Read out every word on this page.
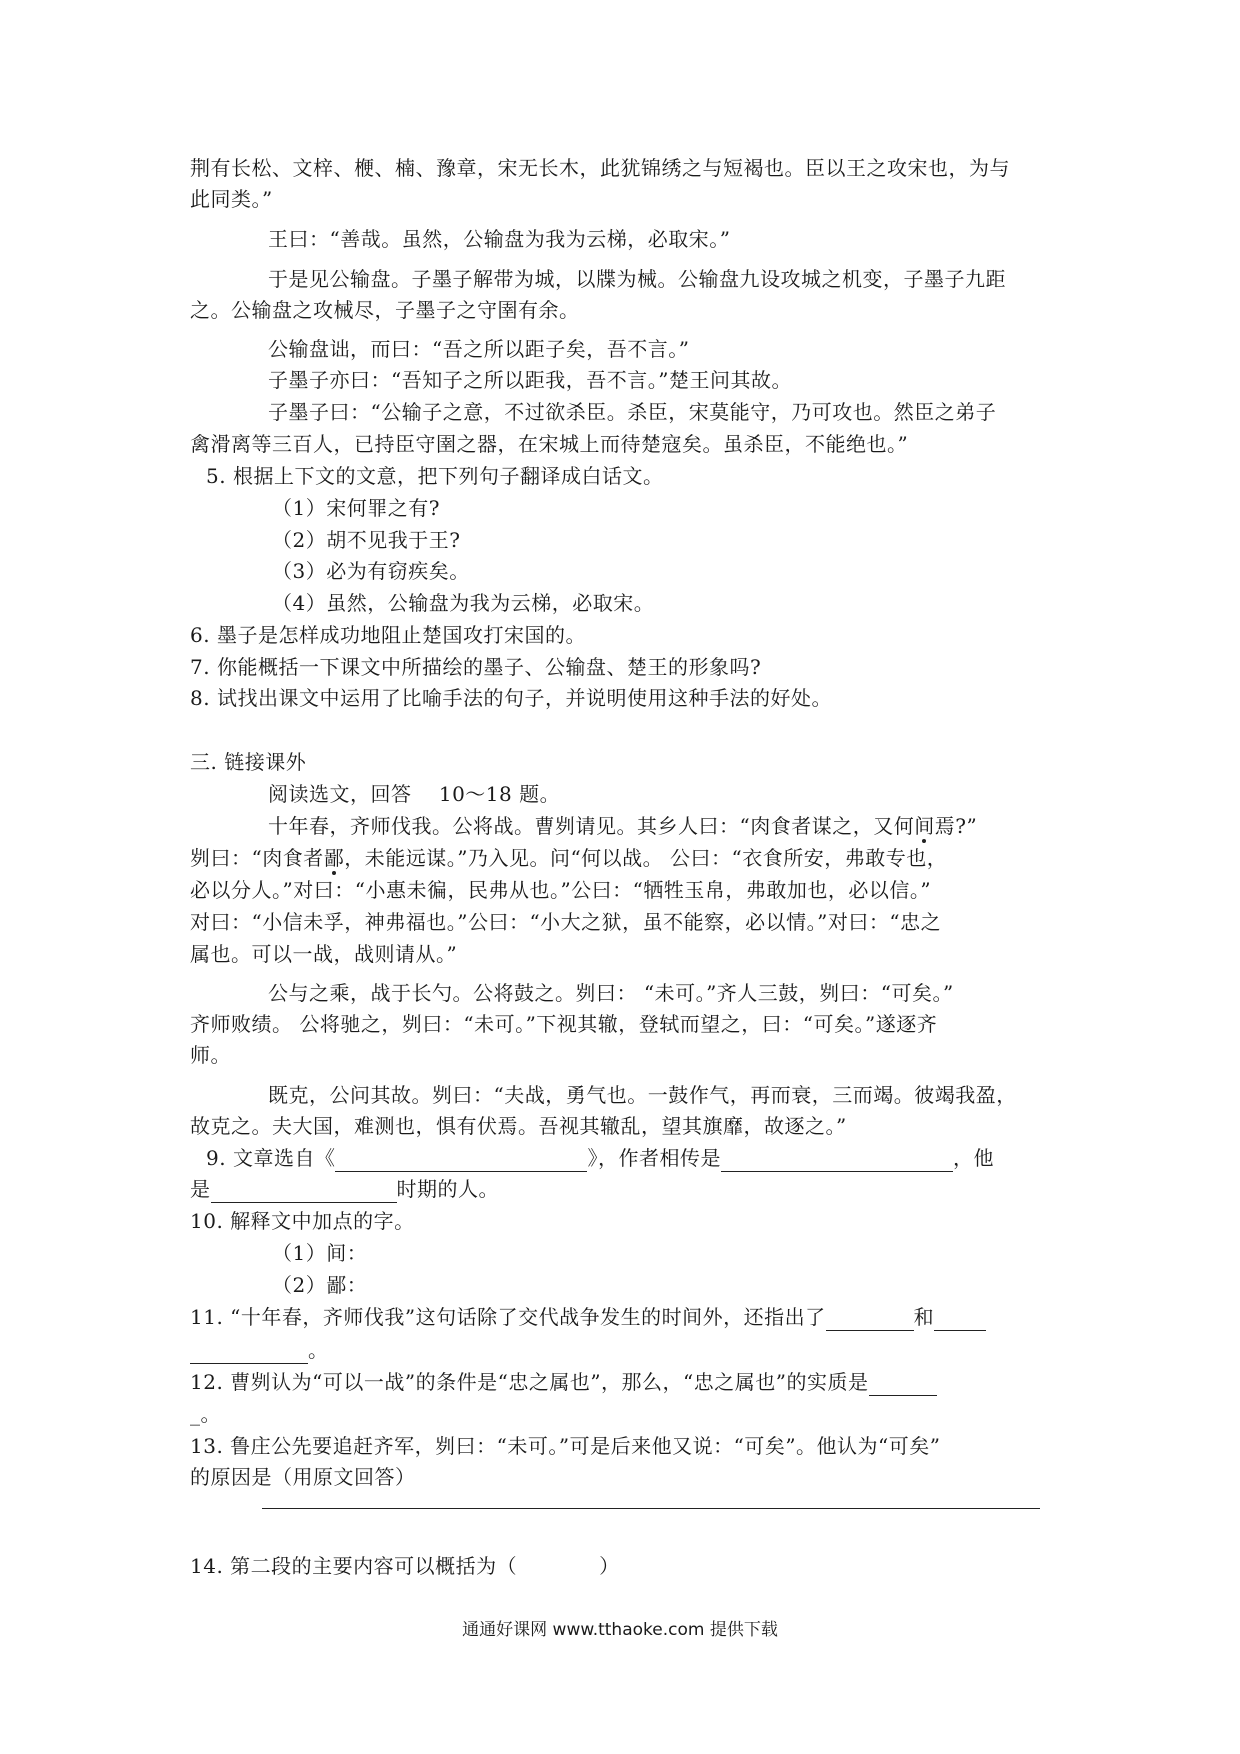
荆有长松、文梓、楩、楠、豫章，宋无长木，此犹锦绣之与短褐也。臣以王之攻宋也，为与
此同类。”
王曰：“善哉。虽然，公输盘为我为云梯，必取宋。”
于是见公输盘。子墨子解带为城，以牒为械。公输盘九设攻城之机变，子墨子九距
之。公输盘之攻械尽，子墨子之守圉有余。
公输盘诎，而曰：“吾之所以距子矣，吾不言。”
子墨子亦曰：“吾知子之所以距我，吾不言。”楚王问其故。
子墨子曰：“公输子之意，不过欲杀臣。杀臣，宋莫能守，乃可攻也。然臣之弟子
禽滑离等三百人，已持臣守圉之器，在宋城上而待楚寇矣。虽杀臣，不能绝也。”
5. 根据上下文的文意，把下列句子翻译成白话文。
（1）宋何罪之有?
（2）胡不见我于王?
（3）必为有窃疾矣。
（4）虽然，公输盘为我为云梯，必取宋。
6. 墨子是怎样成功地阻止楚国攻打宋国的。
7. 你能概括一下课文中所描绘的墨子、公输盘、楚王的形象吗?
8. 试找出课文中运用了比喻手法的句子，并说明使用这种手法的好处。
三. 链接课外
阅读选文，回答　 10～18 题。
十年春，齐师伐我。公将战。曹刿请见。其乡人曰：“肉食者谋之，又何间焉?”
刿曰：“肉食者鄙，未能远谋。”乃入见。问“何以战。 公曰：“衣食所安，弗敢专也，
必以分人。”对曰：“小惠未徧，民弗从也。”公曰：“牺牲玉帛，弗敢加也，必以信。”
对曰：“小信未孚，神弗福也。”公曰：“小大之狱，虽不能察，必以情。”对曰：“忠之
属也。可以一战，战则请从。”
公与之乘，战于长勺。公将鼓之。刿曰： “未可。”齐人三鼓，刿曰：“可矣。”
齐师败绩。 公将驰之，刿曰：“未可。”下视其辙，登轼而望之，曰：“可矣。”遂逐齐
师。
既克，公问其故。刿曰：“夫战，勇气也。一鼓作气，再而衰，三而竭。彼竭我盈，
故克之。夫大国，难测也，惧有伏焉。吾视其辙乱，望其旗靡，故逐之。”
9. 文章选自《	》，作者相传是	，他
是	时期的人。
10. 解释文中加点的字。
（1）间：
（2）鄙：
11. “十年春，齐师伐我”这句话除了交代战争发生的时间外，还指出了	和
。
12. 曹刿认为“可以一战”的条件是“忠之属也”，那么，“忠之属也”的实质是
_。
13. 鲁庄公先要追赶齐军，刿曰：“未可。”可是后来他又说：“可矣”。他认为“可矣”
的原因是（用原文回答）
14. 第二段的主要内容可以概括为（　　　　）
通通好课网 www.tthaoke.com 提供下载
